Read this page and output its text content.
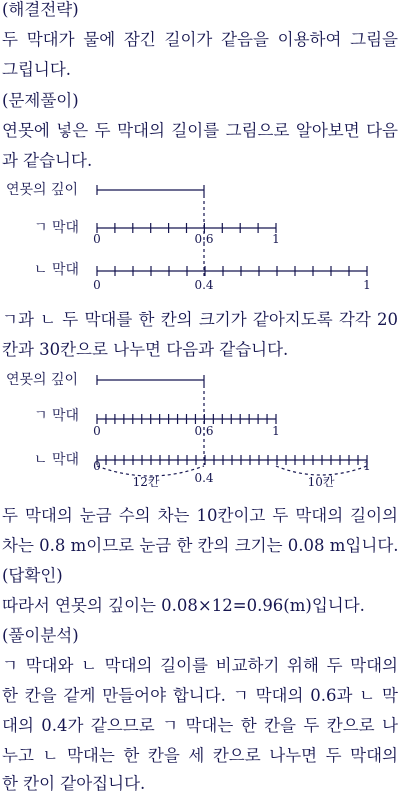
(해결전략)
두 막대가 물에 잠긴 길이가 같음을 이용하여 그림을
그립니다.
(문제풀이)
연못에 넣은 두 막대의 길이를 그림으로 알아보면 다음
과 같습니다.
연못의 깊이
ㄱ 막대
ㄴ 막대
0	0.6	1
0	0.4	1
ㄱ과 ㄴ 두 막대를 한 칸의 크기가 같아지도록 각각 20
칸과 30칸으로 나누면 다음과 같습니다.
연못의 깊이
ㄱ 막대
ㄴ 막대
0	0.6	1
0
0.4
1
12칸	10칸
두 막대의 눈금 수의 차는 10칸이고 두 막대의 길이의
차는 0.8 m이므로 눈금 한 칸의 크기는 0.08 m입니다.
(답확인)
따라서 연못의 깊이는 0.08×12=0.96(m)입니다.
(풀이분석)
ㄱ 막대와 ㄴ 막대의 길이를 비교하기 위해 두 막대의
한 칸을 같게 만들어야 합니다. ㄱ 막대의 0.6과 ㄴ 막
대의 0.4가 같으므로 ㄱ 막대는 한 칸을 두 칸으로 나
누고 ㄴ 막대는 한 칸을 세 칸으로 나누면 두 막대의
한 칸이 같아집니다.
